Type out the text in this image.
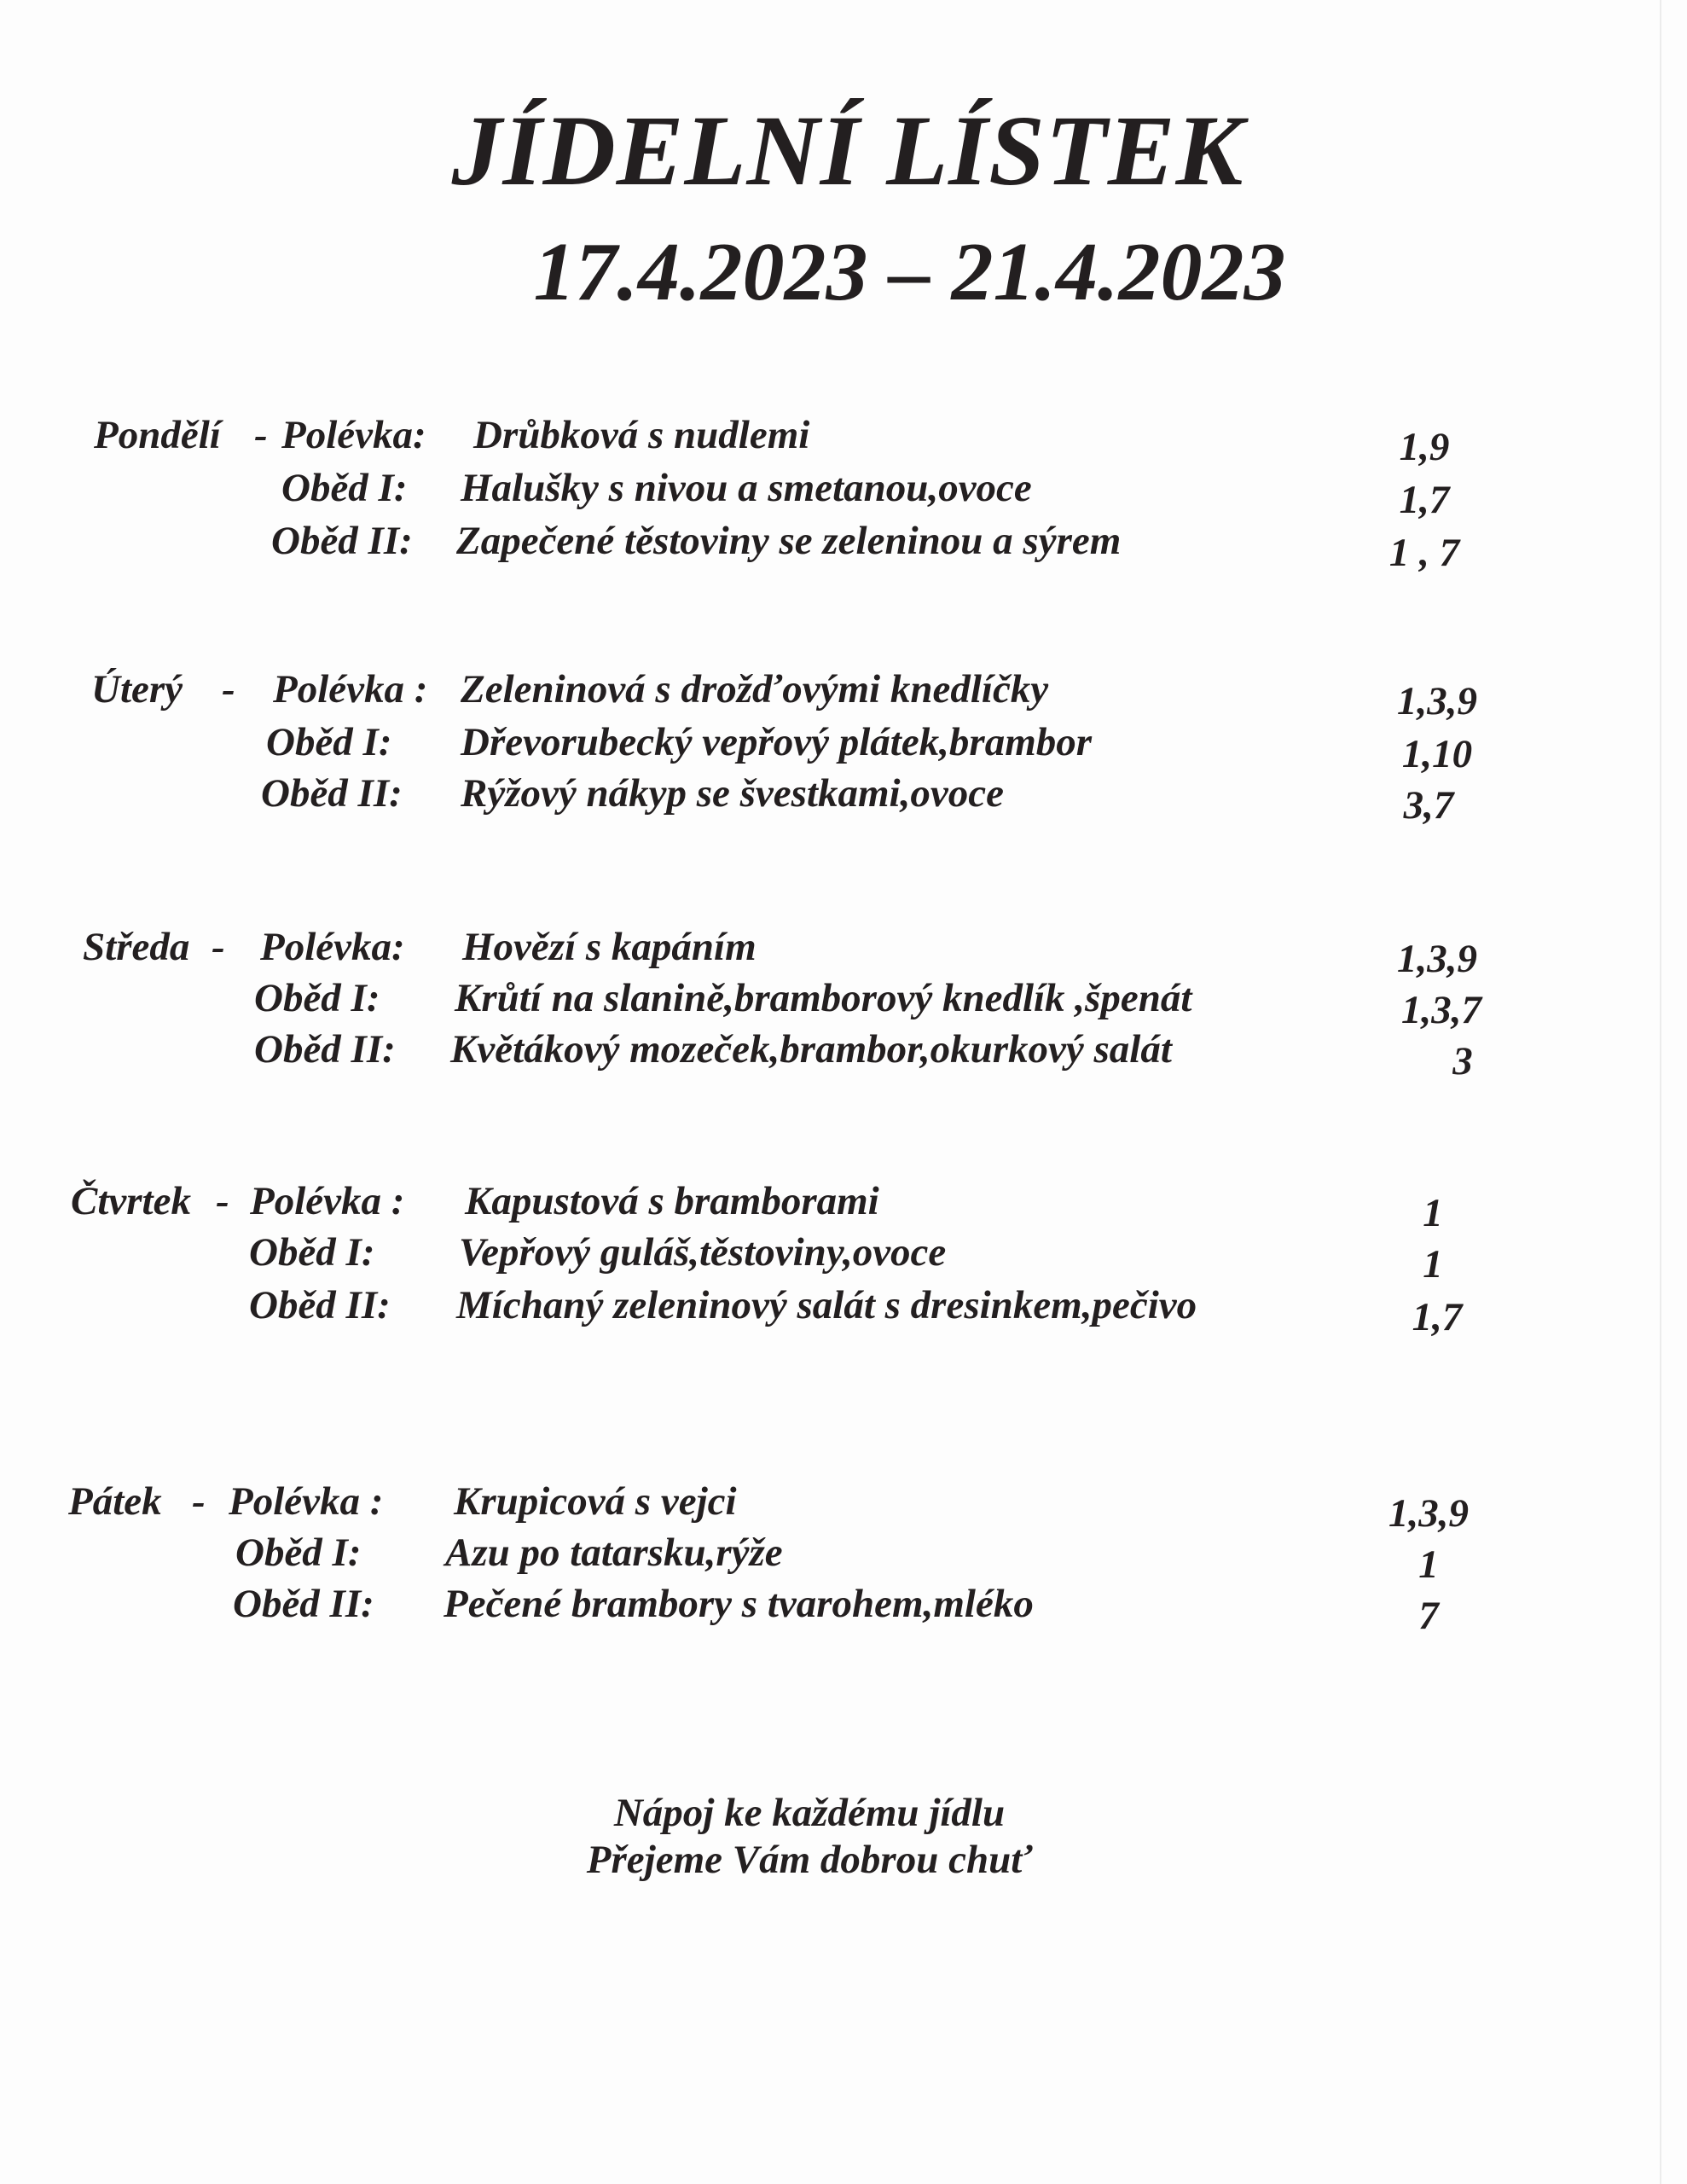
JÍDELNÍ LÍSTEK
17.4.2023 – 21.4.2023
Pondělí - Polévka: Drůbková s nudlemi	1,9
Oběd I: Halušky s nivou a smetanou,ovoce	1,7
Oběd II: Zapečené těstoviny se zeleninou a sýrem	1 , 7
Úterý - Polévka : Zeleninová s drožďovými knedlíčky	1,3,9
Oběd I: Dřevorubecký vepřový plátek,brambor	1,10
Oběd II: Rýžový nákyp se švestkami,ovoce	3,7
Středa - Polévka: Hovězí s kapáním	1,3,9
Oběd I: Krůtí na slanině,bramborový knedlík ,špenát	1,3,7
Oběd II: Květákový mozeček,brambor,okurkový salát	3
Čtvrtek - Polévka : Kapustová s bramborami	1
Oběd I: Vepřový guláš,těstoviny,ovoce	1
Oběd II: Míchaný zeleninový salát s dresinkem,pečivo	1,7
Pátek - Polévka : Krupicová s vejci	1,3,9
Oběd I: Azu po tatarsku,rýže	1
Oběd II: Pečené brambory s tvarohem,mléko	7
Nápoj ke každému jídlu
Přejeme Vám dobrou chuť
